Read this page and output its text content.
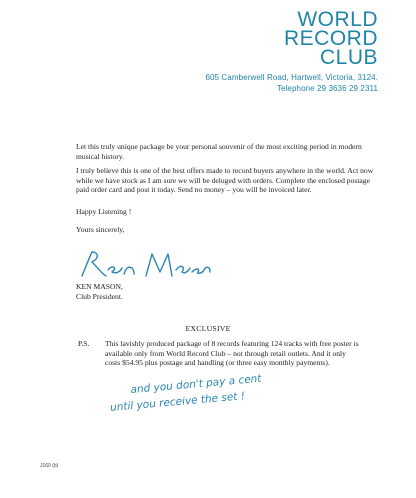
WORLD
RECORD
CLUB
605 Camberwell Road, Hartwell, Victoria, 3124.
Telephone 29 3636 29 2311
Let this truly unique package be your personal souvenir of the most exciting period in modern musical history.
I truly believe this is one of the best offers made to record buyers anywhere in the world. Act now while we have stock as I am sure we will be deluged with orders. Complete the enclosed postage paid order card and post it today. Send no money – you will be invoiced later.
Happy Listening !
Yours sincerely,
KEN MASON,
Club President.
EXCLUSIVE
P.S. This lavishly produced package of 8 records featuring 124 tracks with free poster is available only from World Record Club – not through retail outlets. And it only costs $54.95 plus postage and handling (or three easy monthly payments).
and you don't pay a cent
until you receive the set !
J160 (b)
